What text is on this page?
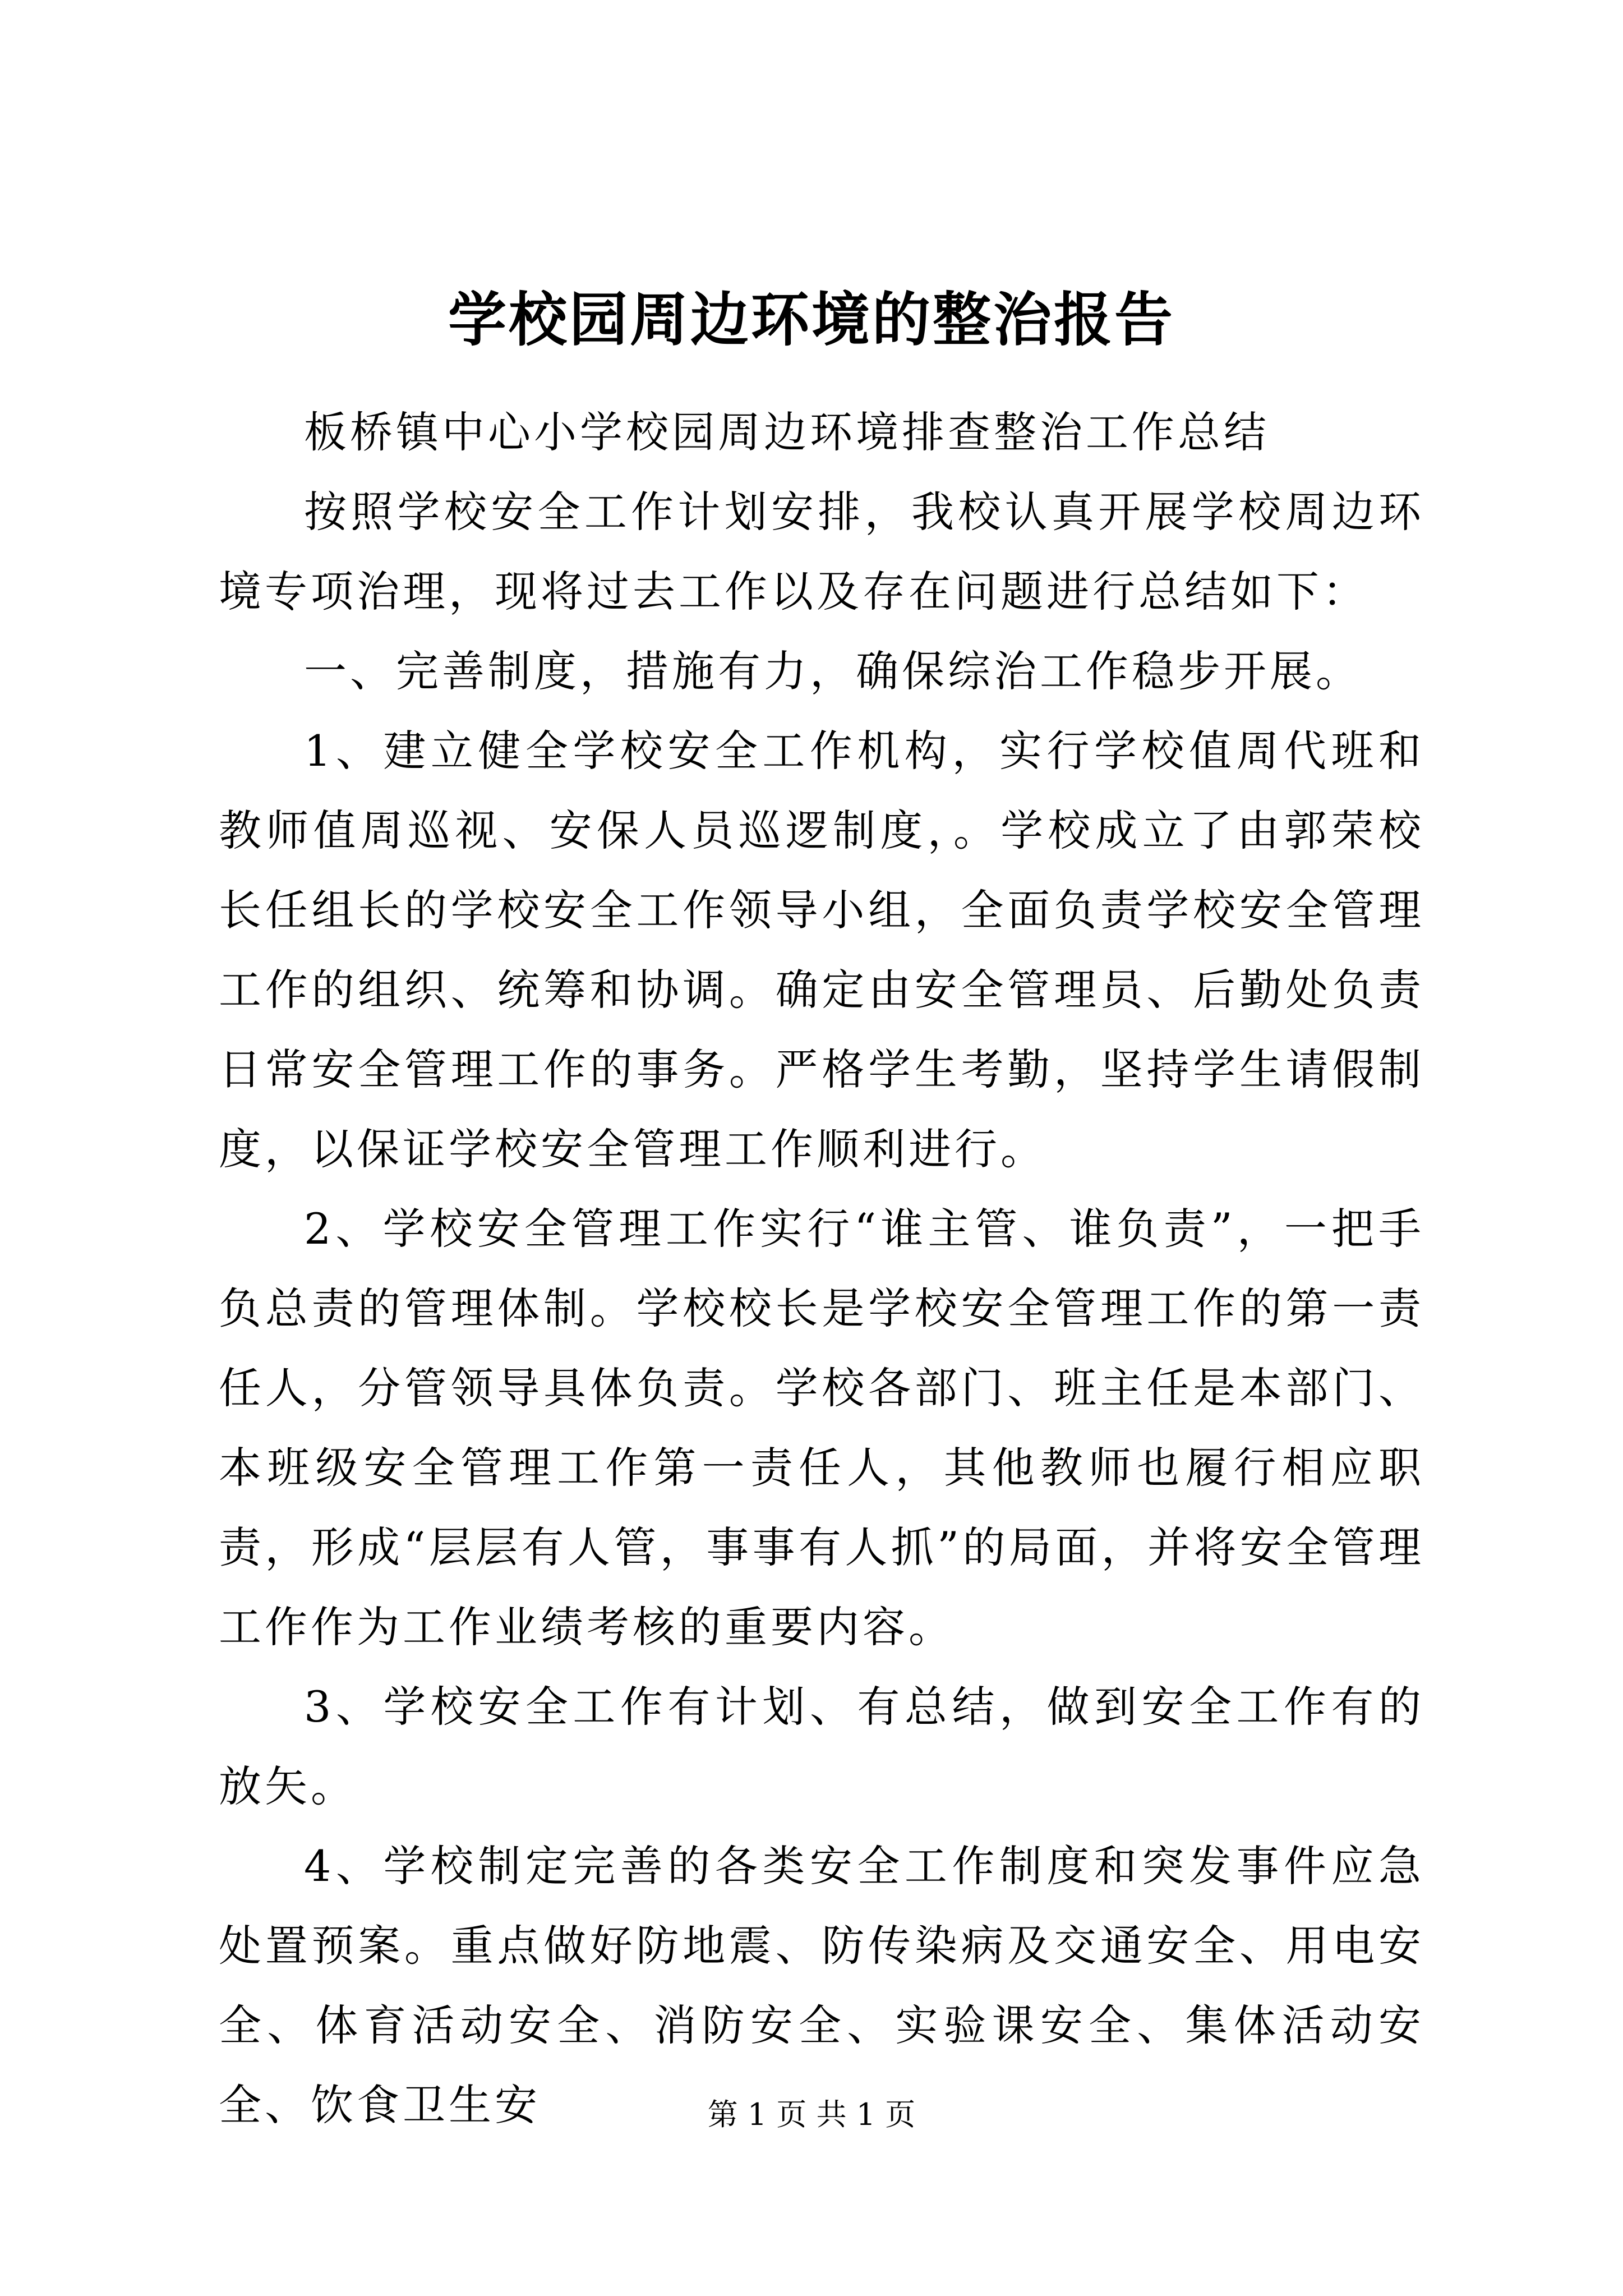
学校园周边环境的整治报告

板桥镇中心小学校园周边环境排查整治工作总结

按照学校安全工作计划安排，我校认真开展学校周边环境专项治理，现将过去工作以及存在问题进行总结如下：

一、完善制度，措施有力，确保综治工作稳步开展。

1、建立健全学校安全工作机构，实行学校值周代班和教师值周巡视、安保人员巡逻制度，。学校成立了由郭荣校长任组长的学校安全工作领导小组，全面负责学校安全管理工作的组织、统筹和协调。确定由安全管理员、后勤处负责日常安全管理工作的事务。严格学生考勤，坚持学生请假制度，以保证学校安全管理工作顺利进行。

2、学校安全管理工作实行“谁主管、谁负责”，一把手负总责的管理体制。学校校长是学校安全管理工作的第一责任人，分管领导具体负责。学校各部门、班主任是本部门、本班级安全管理工作第一责任人，其他教师也履行相应职责，形成“层层有人管，事事有人抓”的局面，并将安全管理工作作为工作业绩考核的重要内容。

3、学校安全工作有计划、有总结，做到安全工作有的放矢。

4、学校制定完善的各类安全工作制度和突发事件应急处置预案。重点做好防地震、防传染病及交通安全、用电安全、体育活动安全、消防安全、实验课安全、集体活动安全、饮食卫生安	第 1 页 共 1 页
